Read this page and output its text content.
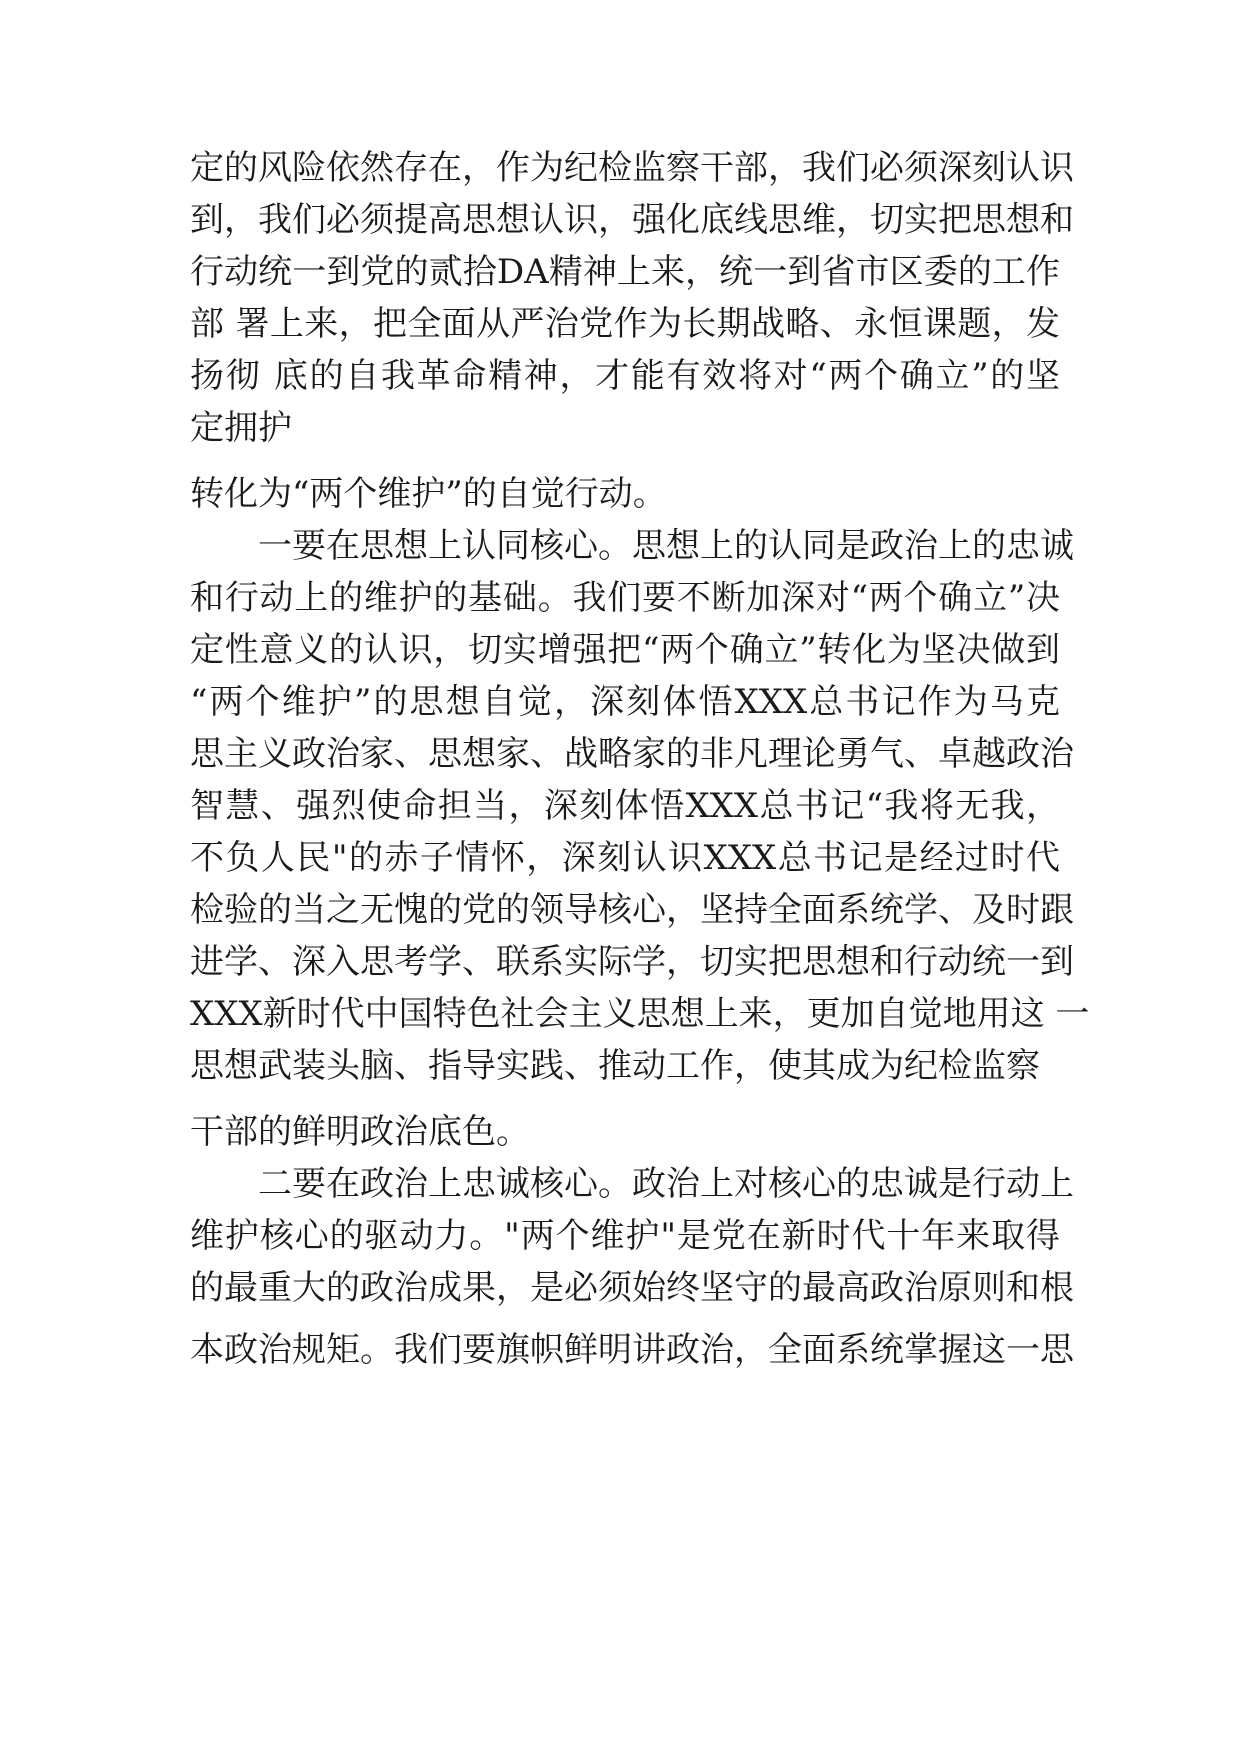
定的风险依然存在，作为纪检监察干部，我们必须深刻认识

到，我们必须提高思想认识，强化底线思维，切实把思想和

行动统一到党的贰拾DA精神上来，统一到省市区委的工作

部 署上来，把全面从严治党作为长期战略、永恒课题，发

扬彻 底的自我革命精神，才能有效将对“两个确立”的坚

定拥护

转化为“两个维护”的自觉行动。

一要在思想上认同核心。思想上的认同是政治上的忠诚

和行动上的维护的基础。我们要不断加深对“两个确立”决

定性意义的认识，切实增强把“两个确立”转化为坚决做到

“两个维护”的思想自觉，深刻体悟XXX总书记作为马克

思主义政治家、思想家、战略家的非凡理论勇气、卓越政治

智慧、强烈使命担当，深刻体悟XXX总书记“我将无我，

不负人民"的赤子情怀，深刻认识XXX总书记是经过时代

检验的当之无愧的党的领导核心，坚持全面系统学、及时跟

进学、深入思考学、联系实际学，切实把思想和行动统一到

XXX新时代中国特色社会主义思想上来，更加自觉地用这 一

思想武装头脑、指导实践、推动工作，使其成为纪检监察

干部的鲜明政治底色。

二要在政治上忠诚核心。政治上对核心的忠诚是行动上

维护核心的驱动力。"两个维护"是党在新时代十年来取得

的最重大的政治成果，是必须始终坚守的最高政治原则和根

本政治规矩。我们要旗帜鲜明讲政治，全面系统掌握这一思
